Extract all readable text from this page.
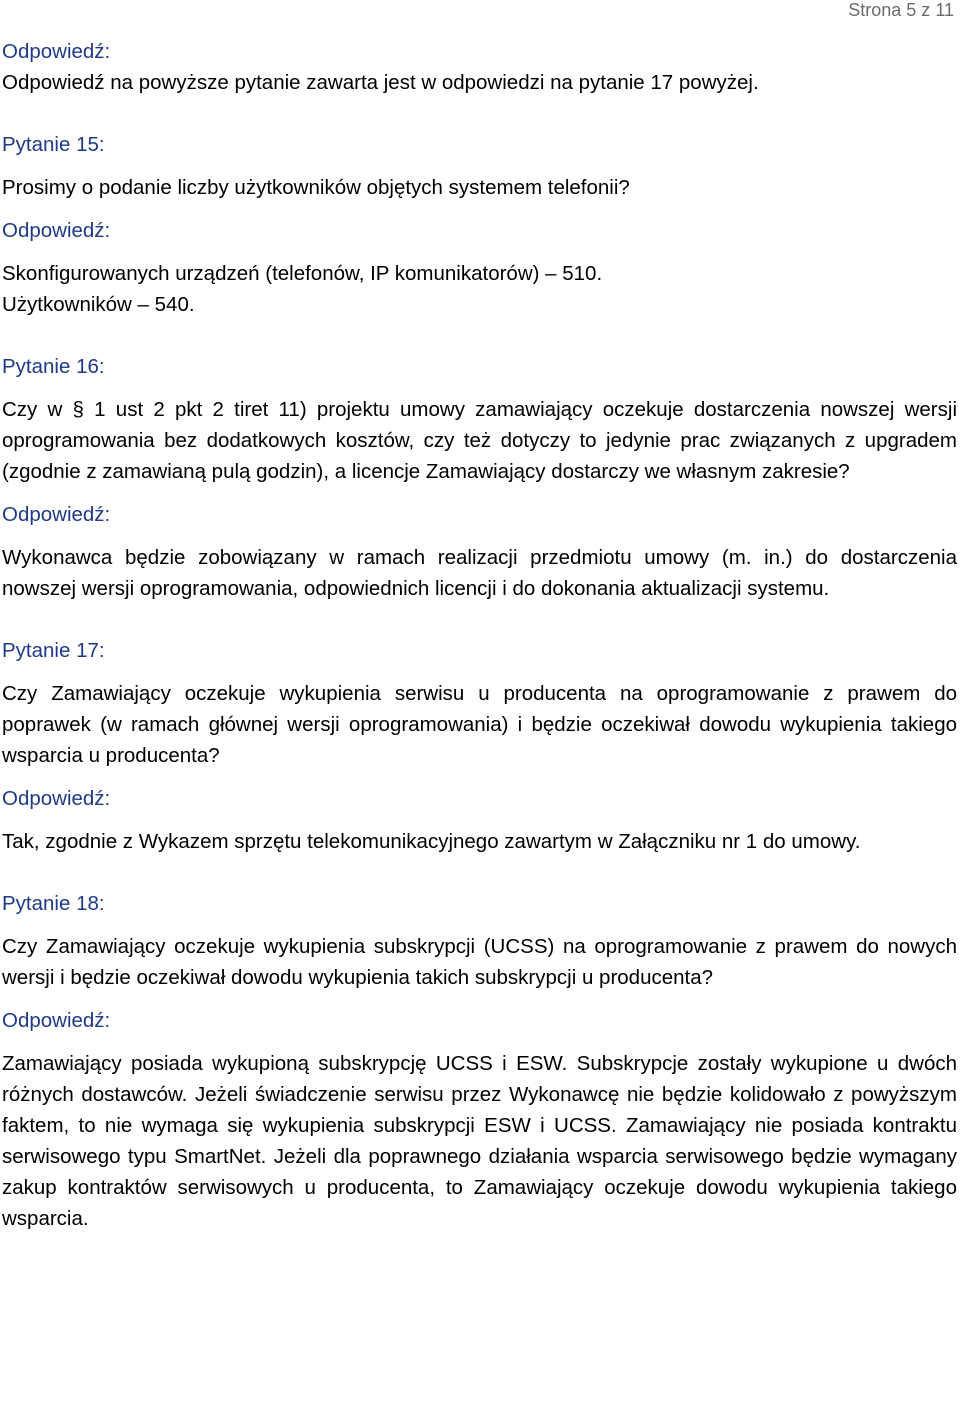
Strona 5 z 11

Odpowiedź:

Odpowiedź na powyższe pytanie zawarta jest w odpowiedzi na pytanie 17 powyżej.

Pytanie 15:

Prosimy o podanie liczby użytkowników objętych systemem telefonii?

Odpowiedź:

Skonfigurowanych urządzeń (telefonów, IP komunikatorów) – 510.

Użytkowników – 540.

Pytanie 16:

Czy w § 1 ust 2 pkt 2 tiret 11) projektu umowy zamawiający oczekuje dostarczenia nowszej wersji oprogramowania bez dodatkowych kosztów, czy też dotyczy to jedynie prac związanych z upgradem (zgodnie z zamawianą pulą godzin), a licencje Zamawiający dostarczy we własnym zakresie?

Odpowiedź:

Wykonawca będzie zobowiązany w ramach realizacji przedmiotu umowy (m. in.) do dostarczenia nowszej wersji oprogramowania, odpowiednich licencji i do dokonania aktualizacji systemu.

Pytanie 17:

Czy Zamawiający oczekuje wykupienia serwisu u producenta na oprogramowanie z prawem do poprawek (w ramach głównej wersji oprogramowania) i będzie oczekiwał dowodu wykupienia takiego wsparcia u producenta?

Odpowiedź:

Tak, zgodnie z Wykazem sprzętu telekomunikacyjnego zawartym w Załączniku nr 1 do umowy.

Pytanie 18:

Czy Zamawiający oczekuje wykupienia subskrypcji (UCSS) na oprogramowanie z prawem do nowych wersji i będzie oczekiwał dowodu wykupienia takich subskrypcji u producenta?

Odpowiedź:

Zamawiający posiada wykupioną subskrypcję UCSS i ESW. Subskrypcje zostały wykupione u dwóch różnych dostawców. Jeżeli świadczenie serwisu przez Wykonawcę nie będzie kolidowało z powyższym faktem, to nie wymaga się wykupienia subskrypcji ESW i UCSS. Zamawiający nie posiada kontraktu serwisowego typu SmartNet. Jeżeli dla poprawnego działania wsparcia serwisowego będzie wymagany zakup kontraktów serwisowych u producenta, to Zamawiający oczekuje dowodu wykupienia takiego wsparcia.
